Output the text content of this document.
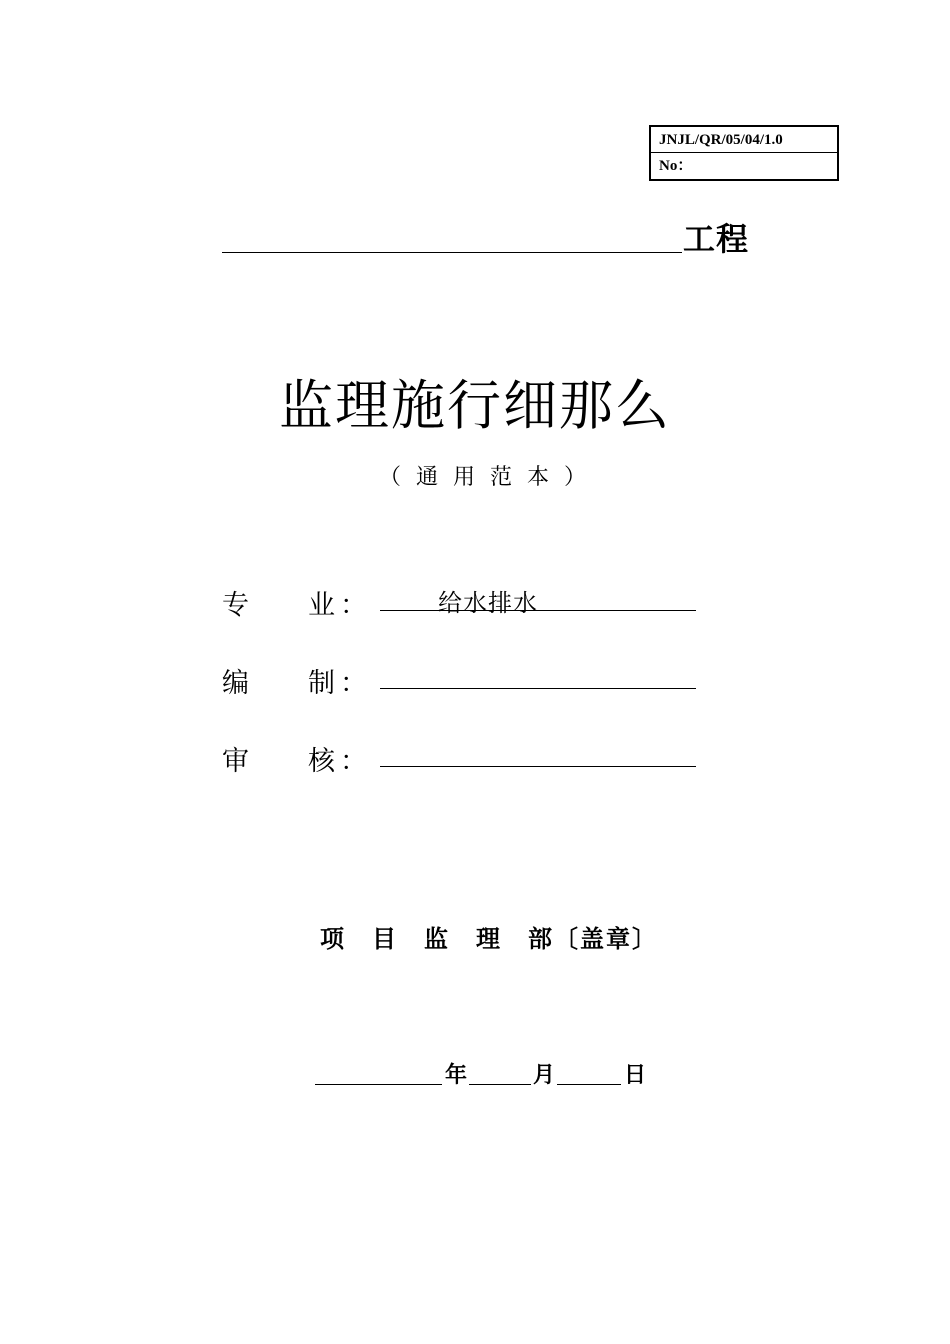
JNJL/QR/05/04/1.0
No：
工程
监理施行细那么
（通用范本）
专 业 ：	给水排水
编 制 ：
审 核 ：
项 目 监 理 部〔盖章〕
年	月	日
